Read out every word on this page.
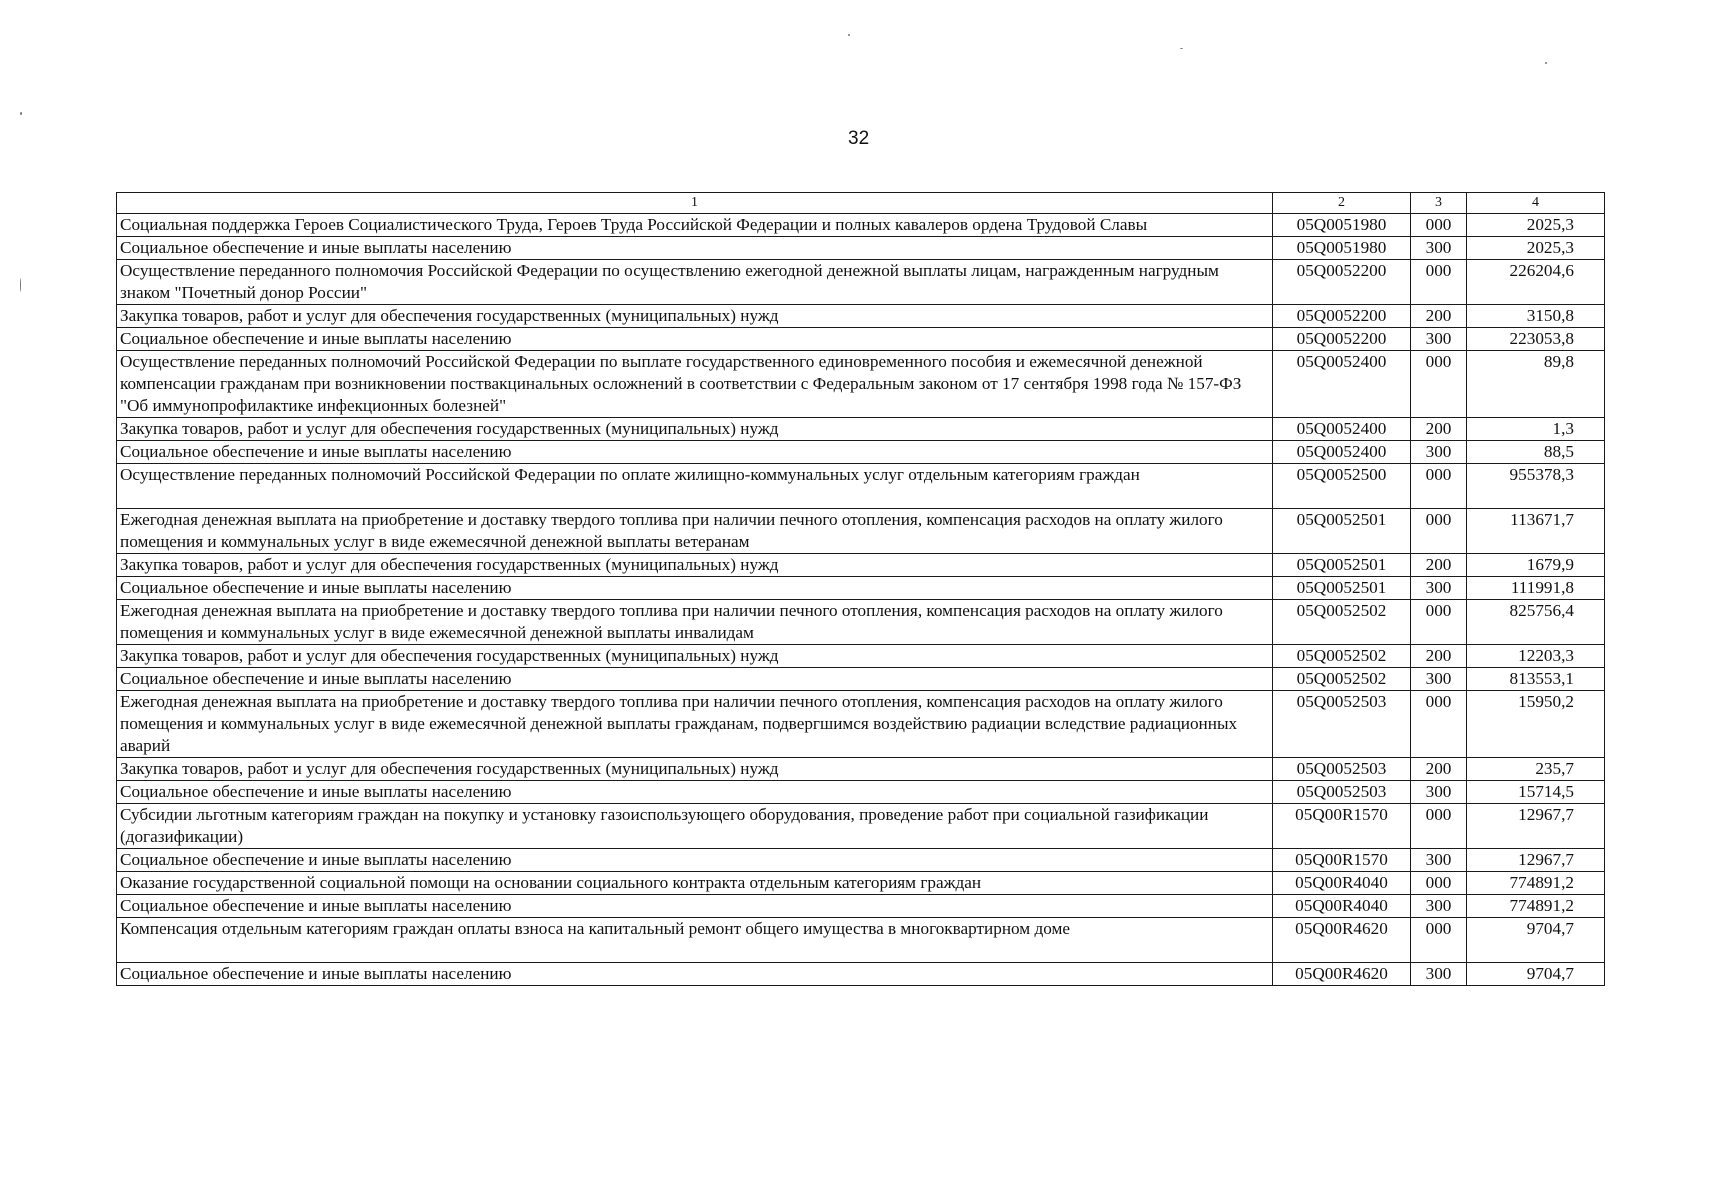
32
1	2	3	4
Социальная поддержка Героев Социалистического Труда, Героев Труда Российской Федерации и полных кавалеров ордена Трудовой Славы	05Q0051980	000	2025,3
Социальное обеспечение и иные выплаты населению	05Q0051980	300	2025,3
Осуществление переданного полномочия Российской Федерации по осуществлению ежегодной денежной выплаты лицам, награжденным нагрудным знаком "Почетный донор России"	05Q0052200	000	226204,6
Закупка товаров, работ и услуг для обеспечения государственных (муниципальных) нужд	05Q0052200	200	3150,8
Социальное обеспечение и иные выплаты населению	05Q0052200	300	223053,8
Осуществление переданных полномочий Российской Федерации по выплате государственного единовременного пособия и ежемесячной денежной компенсации гражданам при возникновении поствакцинальных осложнений в соответствии с Федеральным законом от 17 сентября 1998 года № 157-ФЗ "Об иммунопрофилактике инфекционных болезней"	05Q0052400	000	89,8
Закупка товаров, работ и услуг для обеспечения государственных (муниципальных) нужд	05Q0052400	200	1,3
Социальное обеспечение и иные выплаты населению	05Q0052400	300	88,5
Осуществление переданных полномочий Российской Федерации по оплате жилищно-коммунальных услуг отдельным категориям граждан	05Q0052500	000	955378,3
Ежегодная денежная выплата на приобретение и доставку твердого топлива при наличии печного отопления, компенсация расходов на оплату жилого помещения и коммунальных услуг в виде ежемесячной денежной выплаты ветеранам	05Q0052501	000	113671,7
Закупка товаров, работ и услуг для обеспечения государственных (муниципальных) нужд	05Q0052501	200	1679,9
Социальное обеспечение и иные выплаты населению	05Q0052501	300	111991,8
Ежегодная денежная выплата на приобретение и доставку твердого топлива при наличии печного отопления, компенсация расходов на оплату жилого помещения и коммунальных услуг в виде ежемесячной денежной выплаты инвалидам	05Q0052502	000	825756,4
Закупка товаров, работ и услуг для обеспечения государственных (муниципальных) нужд	05Q0052502	200	12203,3
Социальное обеспечение и иные выплаты населению	05Q0052502	300	813553,1
Ежегодная денежная выплата на приобретение и доставку твердого топлива при наличии печного отопления, компенсация расходов на оплату жилого помещения и коммунальных услуг в виде ежемесячной денежной выплаты гражданам, подвергшимся воздействию радиации вследствие радиационных аварий	05Q0052503	000	15950,2
Закупка товаров, работ и услуг для обеспечения государственных (муниципальных) нужд	05Q0052503	200	235,7
Социальное обеспечение и иные выплаты населению	05Q0052503	300	15714,5
Субсидии льготным категориям граждан на покупку и установку газоиспользующего оборудования, проведение работ при социальной газификации (догазификации)	05Q00R1570	000	12967,7
Социальное обеспечение и иные выплаты населению	05Q00R1570	300	12967,7
Оказание государственной социальной помощи на основании социального контракта отдельным категориям граждан	05Q00R4040	000	774891,2
Социальное обеспечение и иные выплаты населению	05Q00R4040	300	774891,2
Компенсация отдельным категориям граждан оплаты взноса на капитальный ремонт общего имущества в многоквартирном доме	05Q00R4620	000	9704,7
Социальное обеспечение и иные выплаты населению	05Q00R4620	300	9704,7
